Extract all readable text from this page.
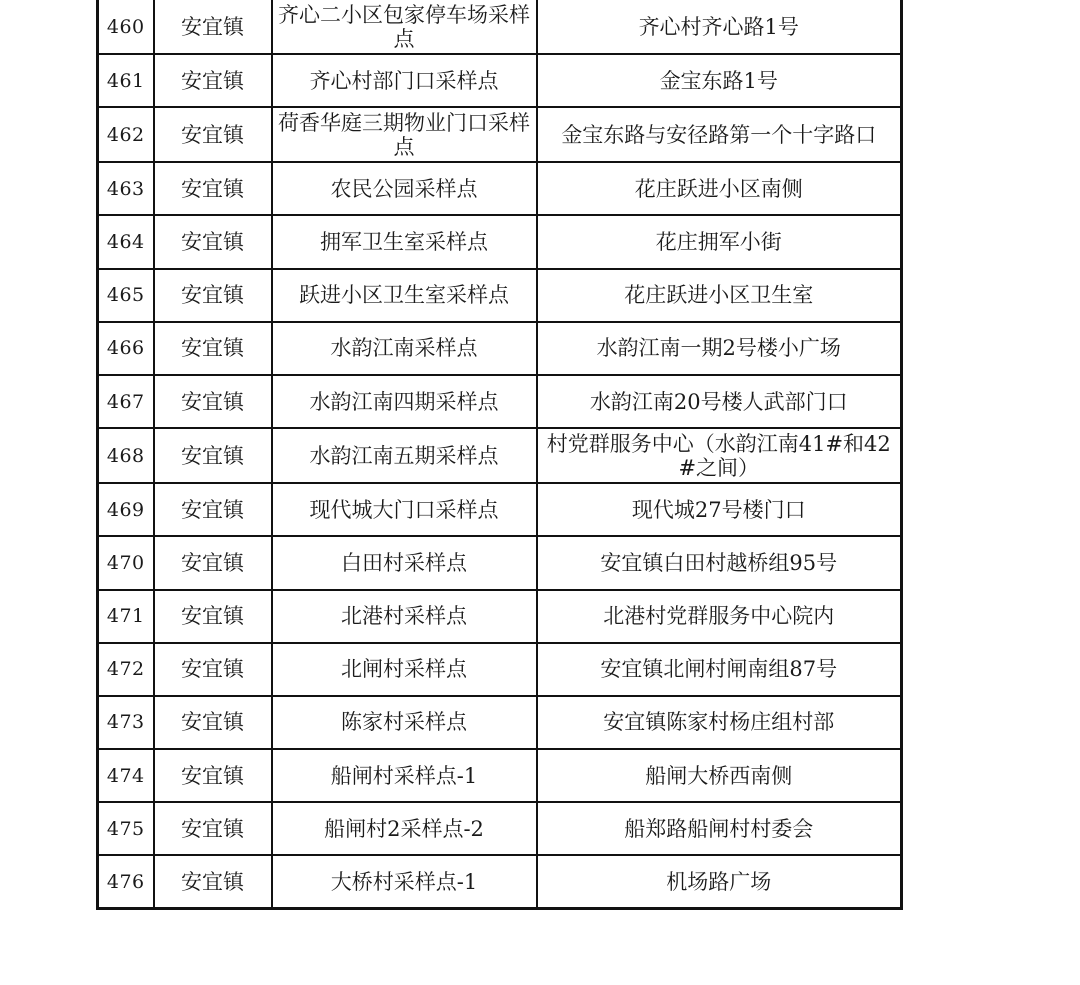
460	安宜镇	齐心二小区包家停车场采样点	齐心村齐心路1号
461	安宜镇	齐心村部门口采样点	金宝东路1号
462	安宜镇	荷香华庭三期物业门口采样点	金宝东路与安径路第一个十字路口
463	安宜镇	农民公园采样点	花庄跃进小区南侧
464	安宜镇	拥军卫生室采样点	花庄拥军小街
465	安宜镇	跃进小区卫生室采样点	花庄跃进小区卫生室
466	安宜镇	水韵江南采样点	水韵江南一期2号楼小广场
467	安宜镇	水韵江南四期采样点	水韵江南20号楼人武部门口
468	安宜镇	水韵江南五期采样点	村党群服务中心（水韵江南41#和42#之间）

469	安宜镇	现代城大门口采样点	现代城27号楼门口
470	安宜镇	白田村采样点	安宜镇白田村越桥组95号
471	安宜镇	北港村采样点	北港村党群服务中心院内
472	安宜镇	北闸村采样点	安宜镇北闸村闸南组87号
473	安宜镇	陈家村采样点	安宜镇陈家村杨庄组村部
474	安宜镇	船闸村采样点-1	船闸大桥西南侧
475	安宜镇	船闸村2采样点-2	船郑路船闸村村委会
476	安宜镇	大桥村采样点-1	机场路广场
